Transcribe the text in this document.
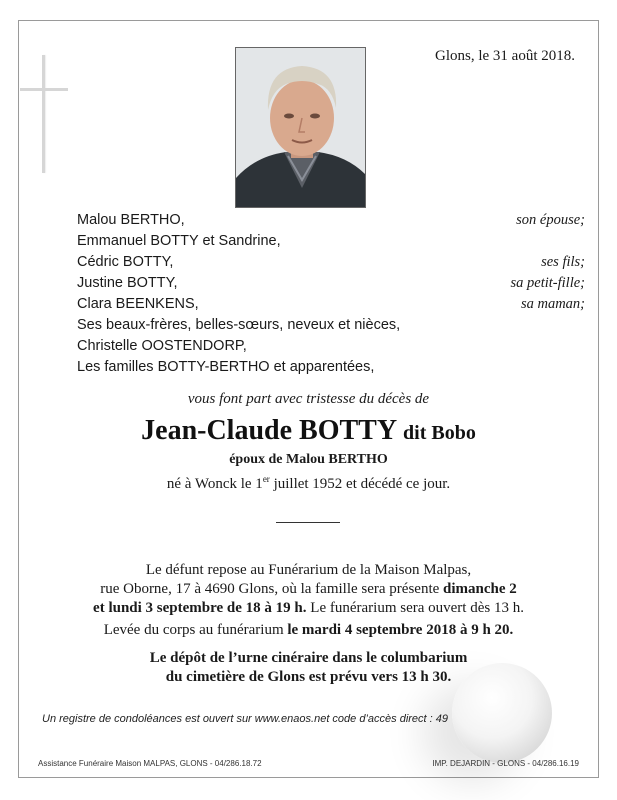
Glons, le 31 août 2018.
Malou BERTHO,	son épouse;
Emmanuel BOTTY et Sandrine,
Cédric BOTTY,	ses fils;
Justine BOTTY,	sa petit-fille;
Clara BEENKENS,	sa maman;
Ses beaux-frères, belles-sœurs, neveux et nièces,
Christelle OOSTENDORP,
Les familles BOTTY-BERTHO et apparentées,
vous font part avec tristesse du décès de
Jean-Claude BOTTY dit Bobo
époux de Malou BERTHO
né à Wonck le 1er juillet 1952 et décédé ce jour.
Le défunt repose au Funérarium de la Maison Malpas,
rue Oborne, 17 à 4690 Glons, où la famille sera présente dimanche 2
et lundi 3 septembre de 18 à 19 h. Le funérarium sera ouvert dès 13 h.
Levée du corps au funérarium le mardi 4 septembre 2018 à 9 h 20.
Le dépôt de l’urne cinéraire dans le columbarium
du cimetière de Glons est prévu vers 13 h 30.
Un registre de condoléances est ouvert sur www.enaos.net code d’accès direct : 49
Assistance Funéraire Maison MALPAS, GLONS - 04/286.18.72	IMP. DEJARDIN - GLONS - 04/286.16.19
